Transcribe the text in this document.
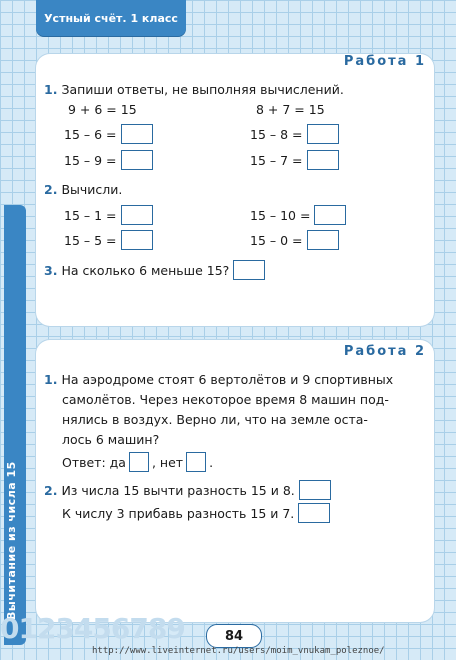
Устный счёт. 1 класс
Вычитание из числа 15
Работа 1
1. Запиши ответы, не выполняя вычислений.
9 + 6 = 15	8 + 7 = 15
15 – 6 =	15 – 8 =
15 – 9 =	15 – 7 =
2. Вычисли.
15 – 1 =	15 – 10 =
15 – 5 =	15 – 0 =
3.
На сколько 6 меньше 15?
Работа 2
1. На аэродроме стоят 6 вертолётов и 9 спортивных
самолётов. Через некоторое время 8 машин под-
нялись в воздух. Верно ли, что на земле оста-
лось 6 машин?
Ответ:
да , нет .
2.
Из числа 15 вычти разность 15 и 8.
К числу 3 прибавь разность 15 и 7.
0123456789	84
http://www.liveinternet.ru/users/moim_vnukam_poleznoe/
